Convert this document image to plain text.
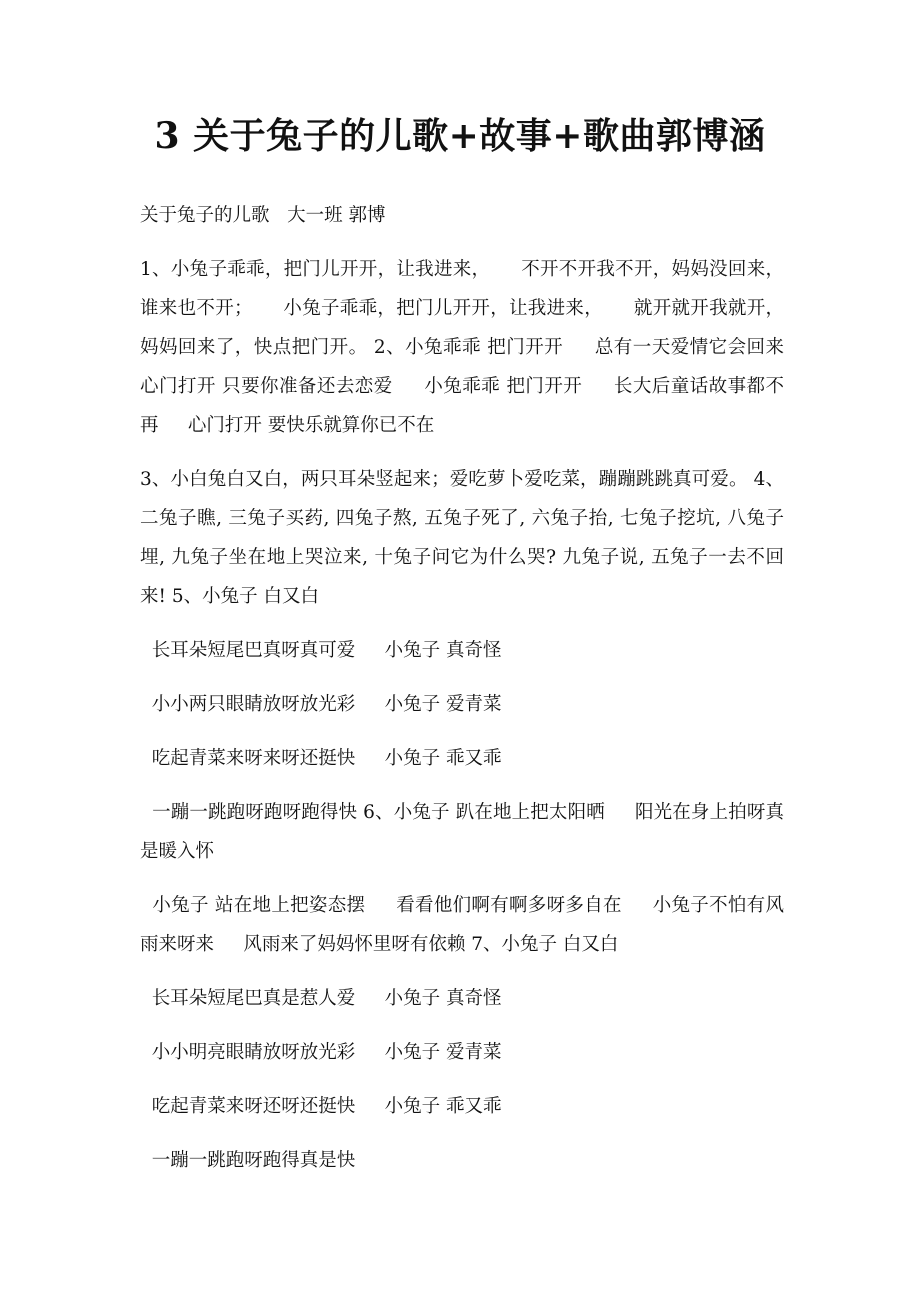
3 关于兔子的儿歌+故事+歌曲郭博涵

关于兔子的儿歌   大一班 郭博

1、小兔子乖乖，把门儿开开，让我进来，     不开不开我不开，妈妈没回来，谁来也不开；     小兔子乖乖，把门儿开开，让我进来，     就开就开我就开，妈妈回来了，快点把门开。 2、小兔乖乖 把门开开     总有一天爱情它会回来     心门打开 只要你准备还去恋爱     小兔乖乖 把门开开     长大后童话故事都不再     心门打开 要快乐就算你已不在

3、小白兔白又白，两只耳朵竖起来；爱吃萝卜爱吃菜，蹦蹦跳跳真可爱。 4、二兔子瞧, 三兔子买药, 四兔子熬, 五兔子死了, 六兔子抬, 七兔子挖坑, 八兔子埋, 九兔子坐在地上哭泣来, 十兔子问它为什么哭? 九兔子说, 五兔子一去不回来! 5、小兔子 白又白

长耳朵短尾巴真呀真可爱     小兔子 真奇怪

小小两只眼睛放呀放光彩     小兔子 爱青菜

吃起青菜来呀来呀还挺快     小兔子 乖又乖

一蹦一跳跑呀跑呀跑得快 6、小兔子 趴在地上把太阳晒     阳光在身上拍呀真是暖入怀

小兔子 站在地上把姿态摆     看看他们啊有啊多呀多自在     小兔子不怕有风雨来呀来     风雨来了妈妈怀里呀有依赖 7、小兔子 白又白

长耳朵短尾巴真是惹人爱     小兔子 真奇怪

小小明亮眼睛放呀放光彩     小兔子 爱青菜

吃起青菜来呀还呀还挺快     小兔子 乖又乖

一蹦一跳跑呀跑得真是快
